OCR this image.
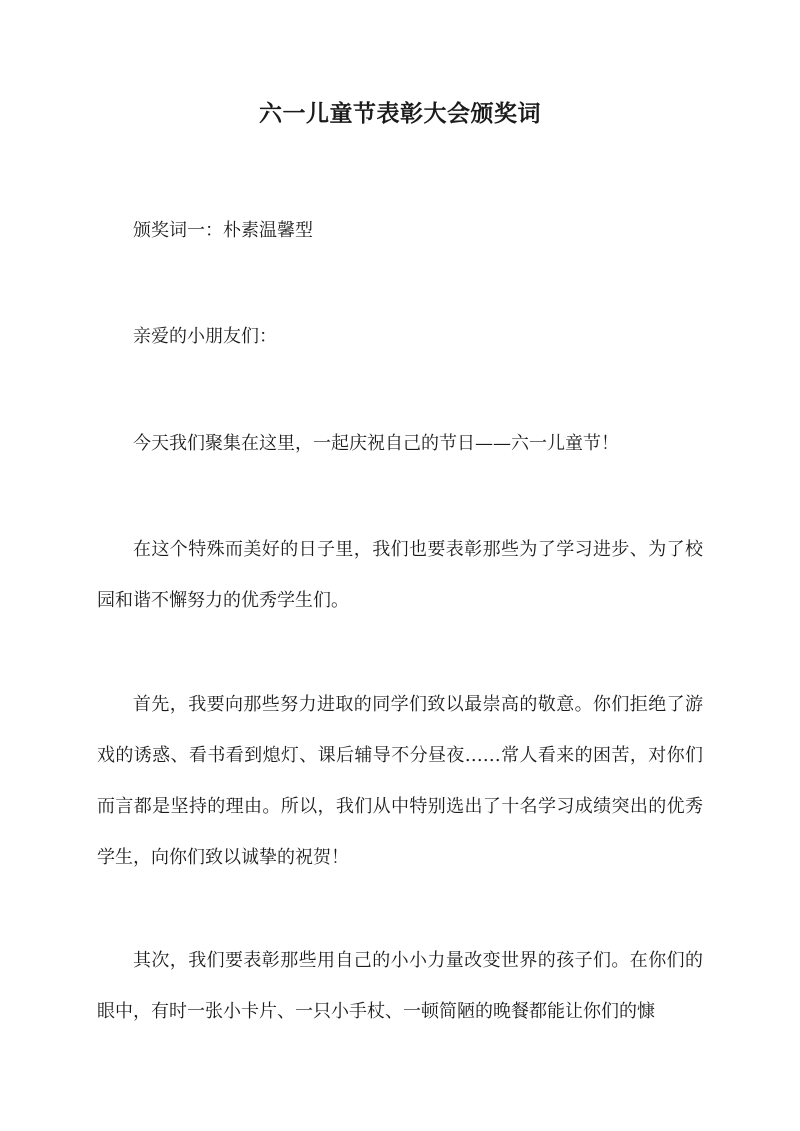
六一儿童节表彰大会颁奖词

颁奖词一：朴素温馨型

亲爱的小朋友们：

今天我们聚集在这里，一起庆祝自己的节日——六一儿童节！

在这个特殊而美好的日子里，我们也要表彰那些为了学习进步、为了校园和谐不懈努力的优秀学生们。

首先，我要向那些努力进取的同学们致以最崇高的敬意。你们拒绝了游戏的诱惑、看书看到熄灯、课后辅导不分昼夜……常人看来的困苦，对你们而言都是坚持的理由。所以，我们从中特别选出了十名学习成绩突出的优秀学生，向你们致以诚挚的祝贺！

其次，我们要表彰那些用自己的小小力量改变世界的孩子们。在你们的眼中，有时一张小卡片、一只小手杖、一顿简陋的晚餐都能让你们的慷
